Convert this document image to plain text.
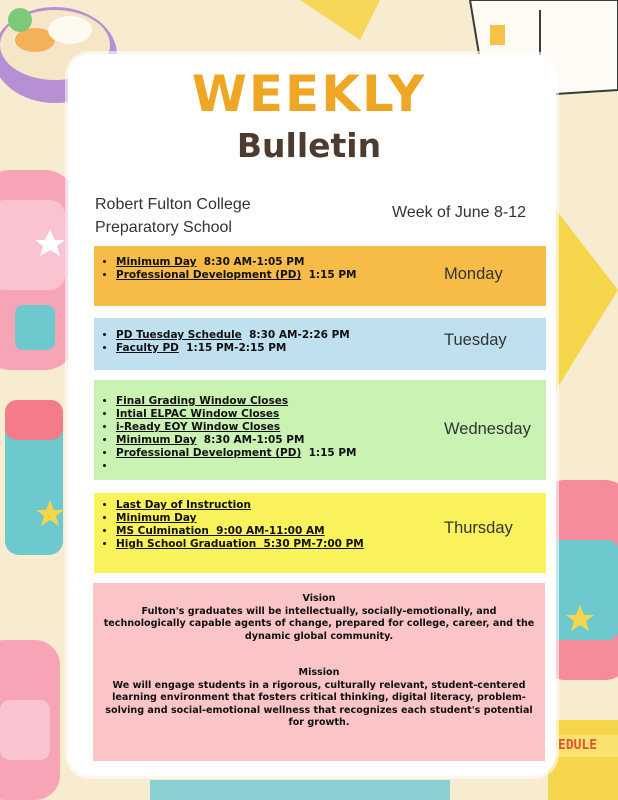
EDULE
WEEKLY
Bulletin
Robert Fulton College
Preparatory School
Week of June 8-12
• Minimum Day  8:30 AM-1:05 PM
• Professional Development (PD)  1:15 PM	Monday
• PD Tuesday Schedule  8:30 AM-2:26 PM
• Faculty PD  1:15 PM-2:15 PM	Tuesday
• Final Grading Window Closes
• Intial ELPAC Window Closes
• i-Ready EOY Window Closes
• Minimum Day  8:30 AM-1:05 PM
• Professional Development (PD)  1:15 PM
•
Wednesday
• Last Day of Instruction
• Minimum Day
• MS Culmination  9:00 AM-11:00 AM
• High School Graduation  5:30 PM-7:00 PM
Thursday
Vision
Fulton's graduates will be intellectually, socially-emotionally, and technologically capable agents of change, prepared for college, career, and the dynamic global community.
Mission
We will engage students in a rigorous, culturally relevant, student-centered learning environment that fosters critical thinking, digital literacy, problem-solving and social-emotional wellness that recognizes each student's potential for growth.
